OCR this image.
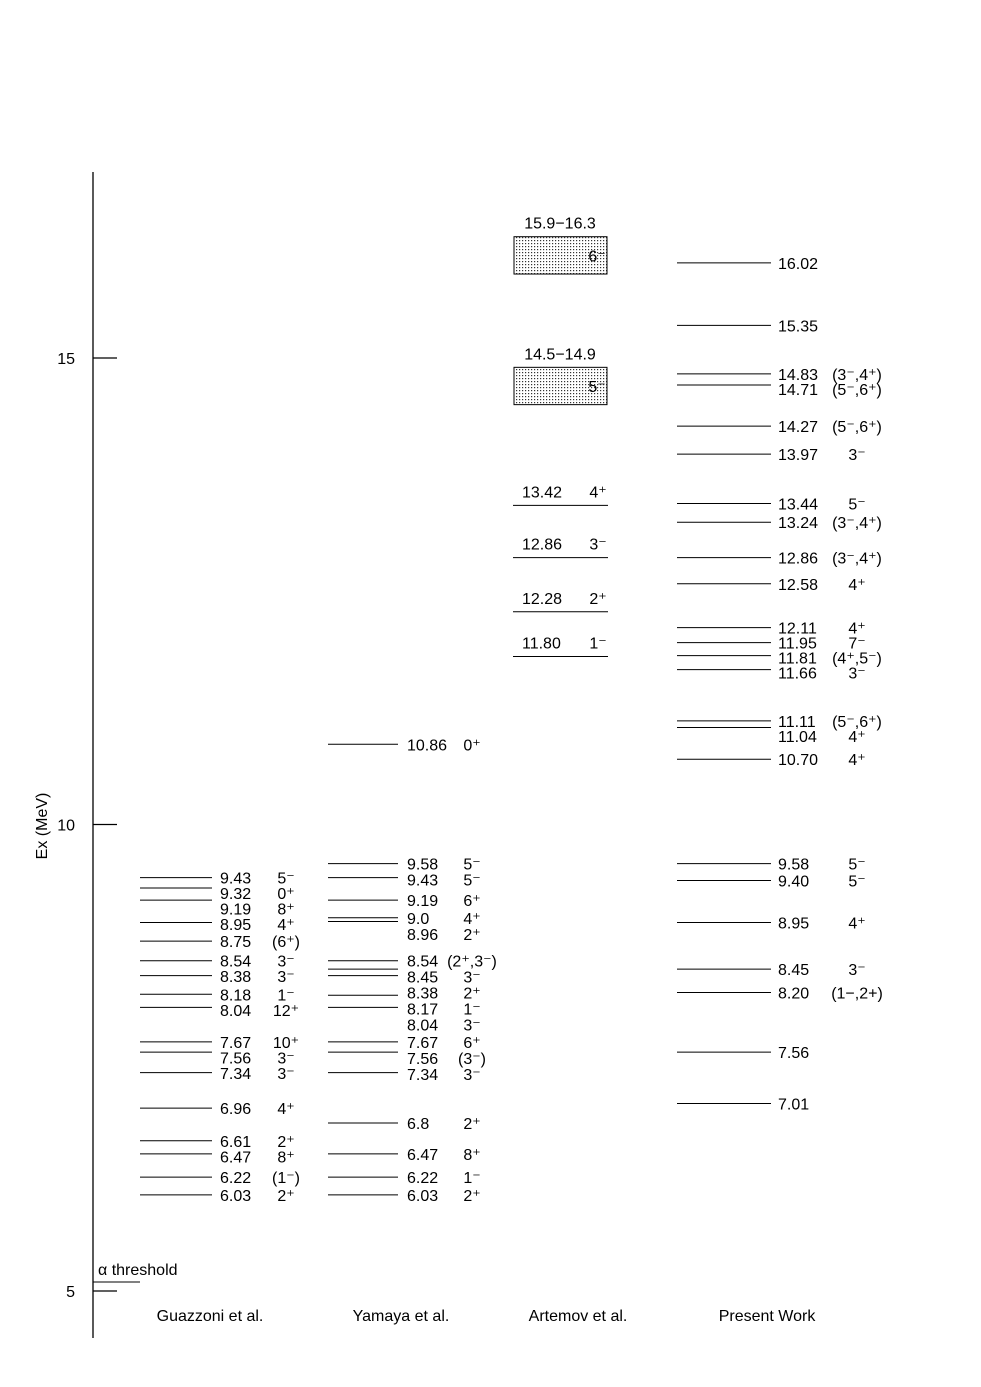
Ex (MeV)
5
10
15
α threshold
9.43 5⁻
9.32 0⁺
9.19 8⁺
8.95 4⁺
8.75 (6⁺)
8.54 3⁻
8.38 3⁻
8.18 1⁻
8.04 12⁺
7.67 10⁺
7.56 3⁻
7.34 3⁻
6.96 4⁺
6.61 2⁺
6.47 8⁺
6.22 (1⁻)
6.03 2⁺
10.86 0⁺
9.58 5⁻
9.43 5⁻
9.19 6⁺
9.0 4⁺
8.96 2⁺
8.54 (2⁺,3⁻)
8.45 3⁻
8.38 2⁺
8.17 1⁻
8.04 3⁻
7.67 6⁺
7.56 (3⁻)
7.34 3⁻
6.8 2⁺
6.47 8⁺
6.22 1⁻
6.03 2⁺
15.9−16.3
6⁻
14.5−14.9
5⁻
13.42 4⁺
12.86 3⁻
12.28 2⁺
11.80 1⁻
16.02
15.35
14.83 (3⁻,4⁺)
14.71 (5⁻,6⁺)
14.27 (5⁻,6⁺)
13.97 3⁻
13.44 5⁻
13.24 (3⁻,4⁺)
12.86 (3⁻,4⁺)
12.58 4⁺
12.11 4⁺
11.95 7⁻
11.81 (4⁺,5⁻)
11.66 3⁻
11.11 (5⁻,6⁺)
11.04 4⁺
10.70 4⁺
9.58 5⁻
9.40 5⁻
8.95 4⁺
8.45 3⁻
8.20 (1−,2+)
7.56
7.01
Guazzoni et al.	Yamaya et al.	Artemov et al.	Present Work
